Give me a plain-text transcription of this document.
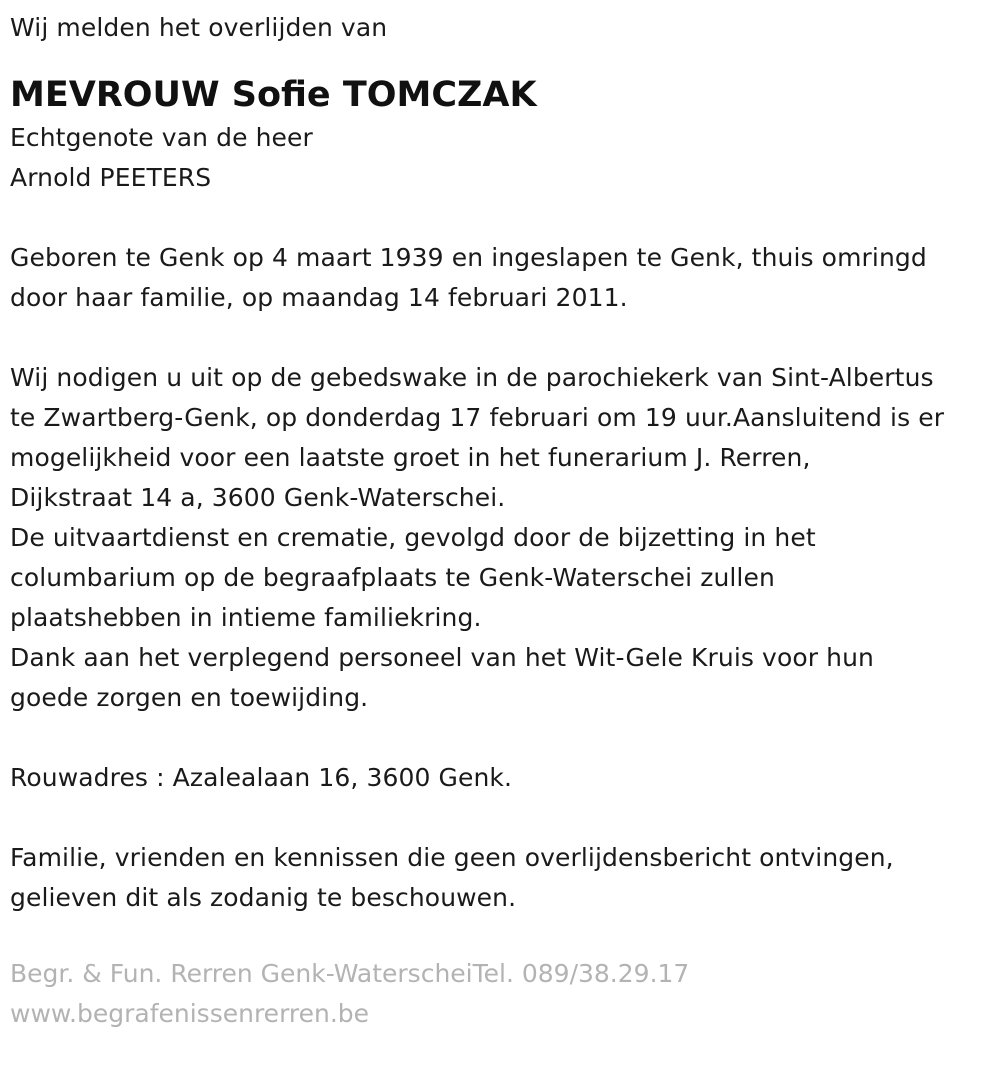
Wij melden het overlijden van
MEVROUW Sofie TOMCZAK
Echtgenote van de heer
Arnold PEETERS
Geboren te Genk op 4 maart 1939 en ingeslapen te Genk, thuis omringd
door haar familie, op maandag 14 februari 2011.
Wij nodigen u uit op de gebedswake in de parochiekerk van Sint-Albertus
te Zwartberg-Genk, op donderdag 17 februari om 19 uur.Aansluitend is er
mogelijkheid voor een laatste groet in het funerarium J. Rerren,
Dijkstraat 14 a, 3600 Genk-Waterschei.
De uitvaartdienst en crematie, gevolgd door de bijzetting in het
columbarium op de begraafplaats te Genk-Waterschei zullen
plaatshebben in intieme familiekring.
Dank aan het verplegend personeel van het Wit-Gele Kruis voor hun
goede zorgen en toewijding.
Rouwadres : Azalealaan 16, 3600 Genk.
Familie, vrienden en kennissen die geen overlijdensbericht ontvingen,
gelieven dit als zodanig te beschouwen.
Begr. & Fun. Rerren Genk-WaterscheiTel. 089/38.29.17
www.begrafenissenrerren.be
